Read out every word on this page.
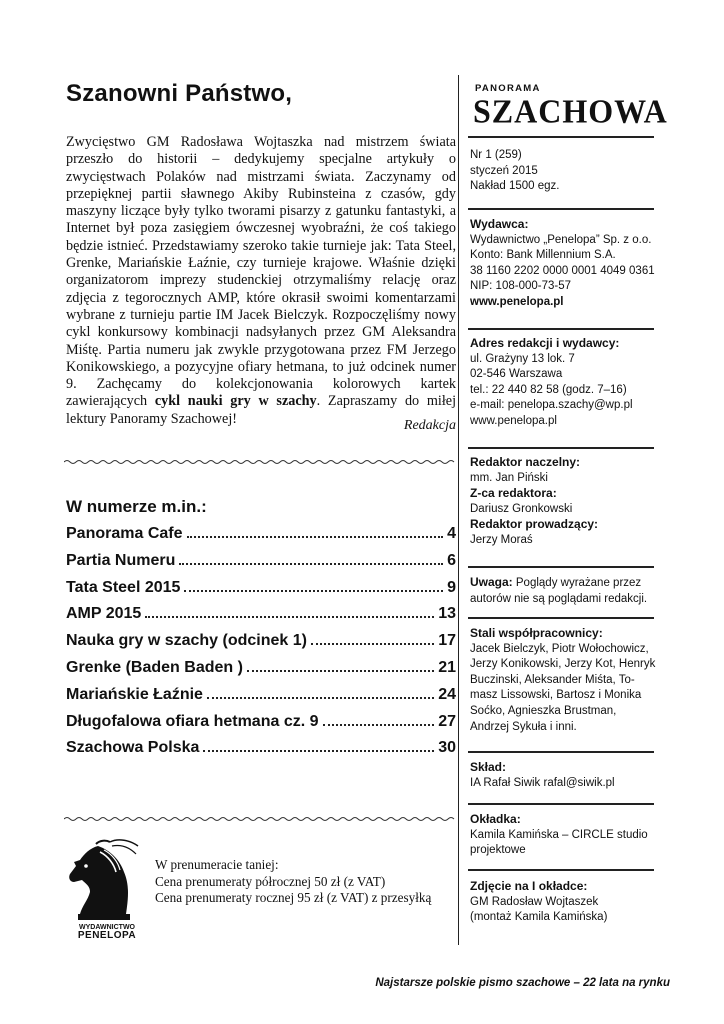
Szanowni Państwo,
Zwycięstwo GM Radosława Wojtaszka nad mistrzem świata przeszło do historii – dedykujemy specjalne artykuły o zwycięstwach Polaków nad mistrzami świata. Zaczynamy od przepięknej partii sławnego Akiby Rubinsteina z czasów, gdy maszyny liczące były tylko tworami pisarzy z gatunku fantastyki, a Internet był poza zasięgiem ówczesnej wyobraźni, że coś takiego będzie istnieć. Przedstawiamy szeroko takie turnieje jak: Tata Steel, Grenke, Mariańskie Łaźnie, czy turnieje krajowe. Właśnie dzięki organizatorom imprezy studenckiej otrzymaliśmy relację oraz zdjęcia z tegorocznych AMP, które okrasił swoimi komentarzami wybrane z turnieju partie IM Jacek Bielczyk. Rozpoczęliśmy nowy cykl konkursowy kombinacji nadsyłanych przez GM Aleksandra Miśtę. Partia numeru jak zwykle przygotowana przez FM Jerzego Konikowskiego, a pozycyjne ofiary hetmana, to już odcinek numer 9. Zachęcamy do kolekcjonowania kolorowych kartek zawierających cykl nauki gry w szachy. Zapraszamy do miłej lektury Panoramy Szachowej!	Redakcja
W numerze m.in.:
Panorama Cafe	4
Partia Numeru	6
Tata Steel 2015	9
AMP 2015	13
Nauka gry w szachy (odcinek 1)	17
Grenke (Baden Baden )	21
Mariańskie Łaźnie	24
Długofalowa ofiara hetmana cz. 9	27
Szachowa Polska	30
WYDAWNICTWO
PENELOPA
W prenumeracie taniej:
Cena prenumeraty półrocznej 50 zł (z VAT)
Cena prenumeraty rocznej 95 zł (z VAT) z przesyłką
PANORAMA
SZACHOWA
Nr 1 (259)
styczeń 2015
Nakład 1500 egz.
Wydawca:
Wydawnictwo „Penelopa” Sp. z o.o.
Konto: Bank Millennium S.A.
38 1160 2202 0000 0001 4049 0361
NIP: 108-000-73-57
www.penelopa.pl
Adres redakcji i wydawcy:
ul. Grażyny 13 lok. 7
02-546 Warszawa
tel.: 22 440 82 58 (godz. 7–16)
e-mail: penelopa.szachy@wp.pl
www.penelopa.pl
Redaktor naczelny:
mm. Jan Piński
Z-ca redaktora:
Dariusz Gronkowski
Redaktor prowadzący:
Jerzy Moraś
Uwaga: Poglądy wyrażane przez
autorów nie są poglądami redakcji.
Stali współpracownicy:
Jacek Bielczyk, Piotr Wołochowicz,
Jerzy Konikowski, Jerzy Kot, Henryk
Buczinski, Aleksander Miśta, To-
masz Lissowski, Bartosz i Monika
Soćko, Agnieszka Brustman,
Andrzej Sykuła i inni.
Skład:
IA Rafał Siwik rafal@siwik.pl
Okładka:
Kamila Kamińska – CIRCLE studio
projektowe
Zdjęcie na I okładce:
GM Radosław Wojtaszek
(montaż Kamila Kamińska)
Najstarsze polskie pismo szachowe – 22 lata na rynku
